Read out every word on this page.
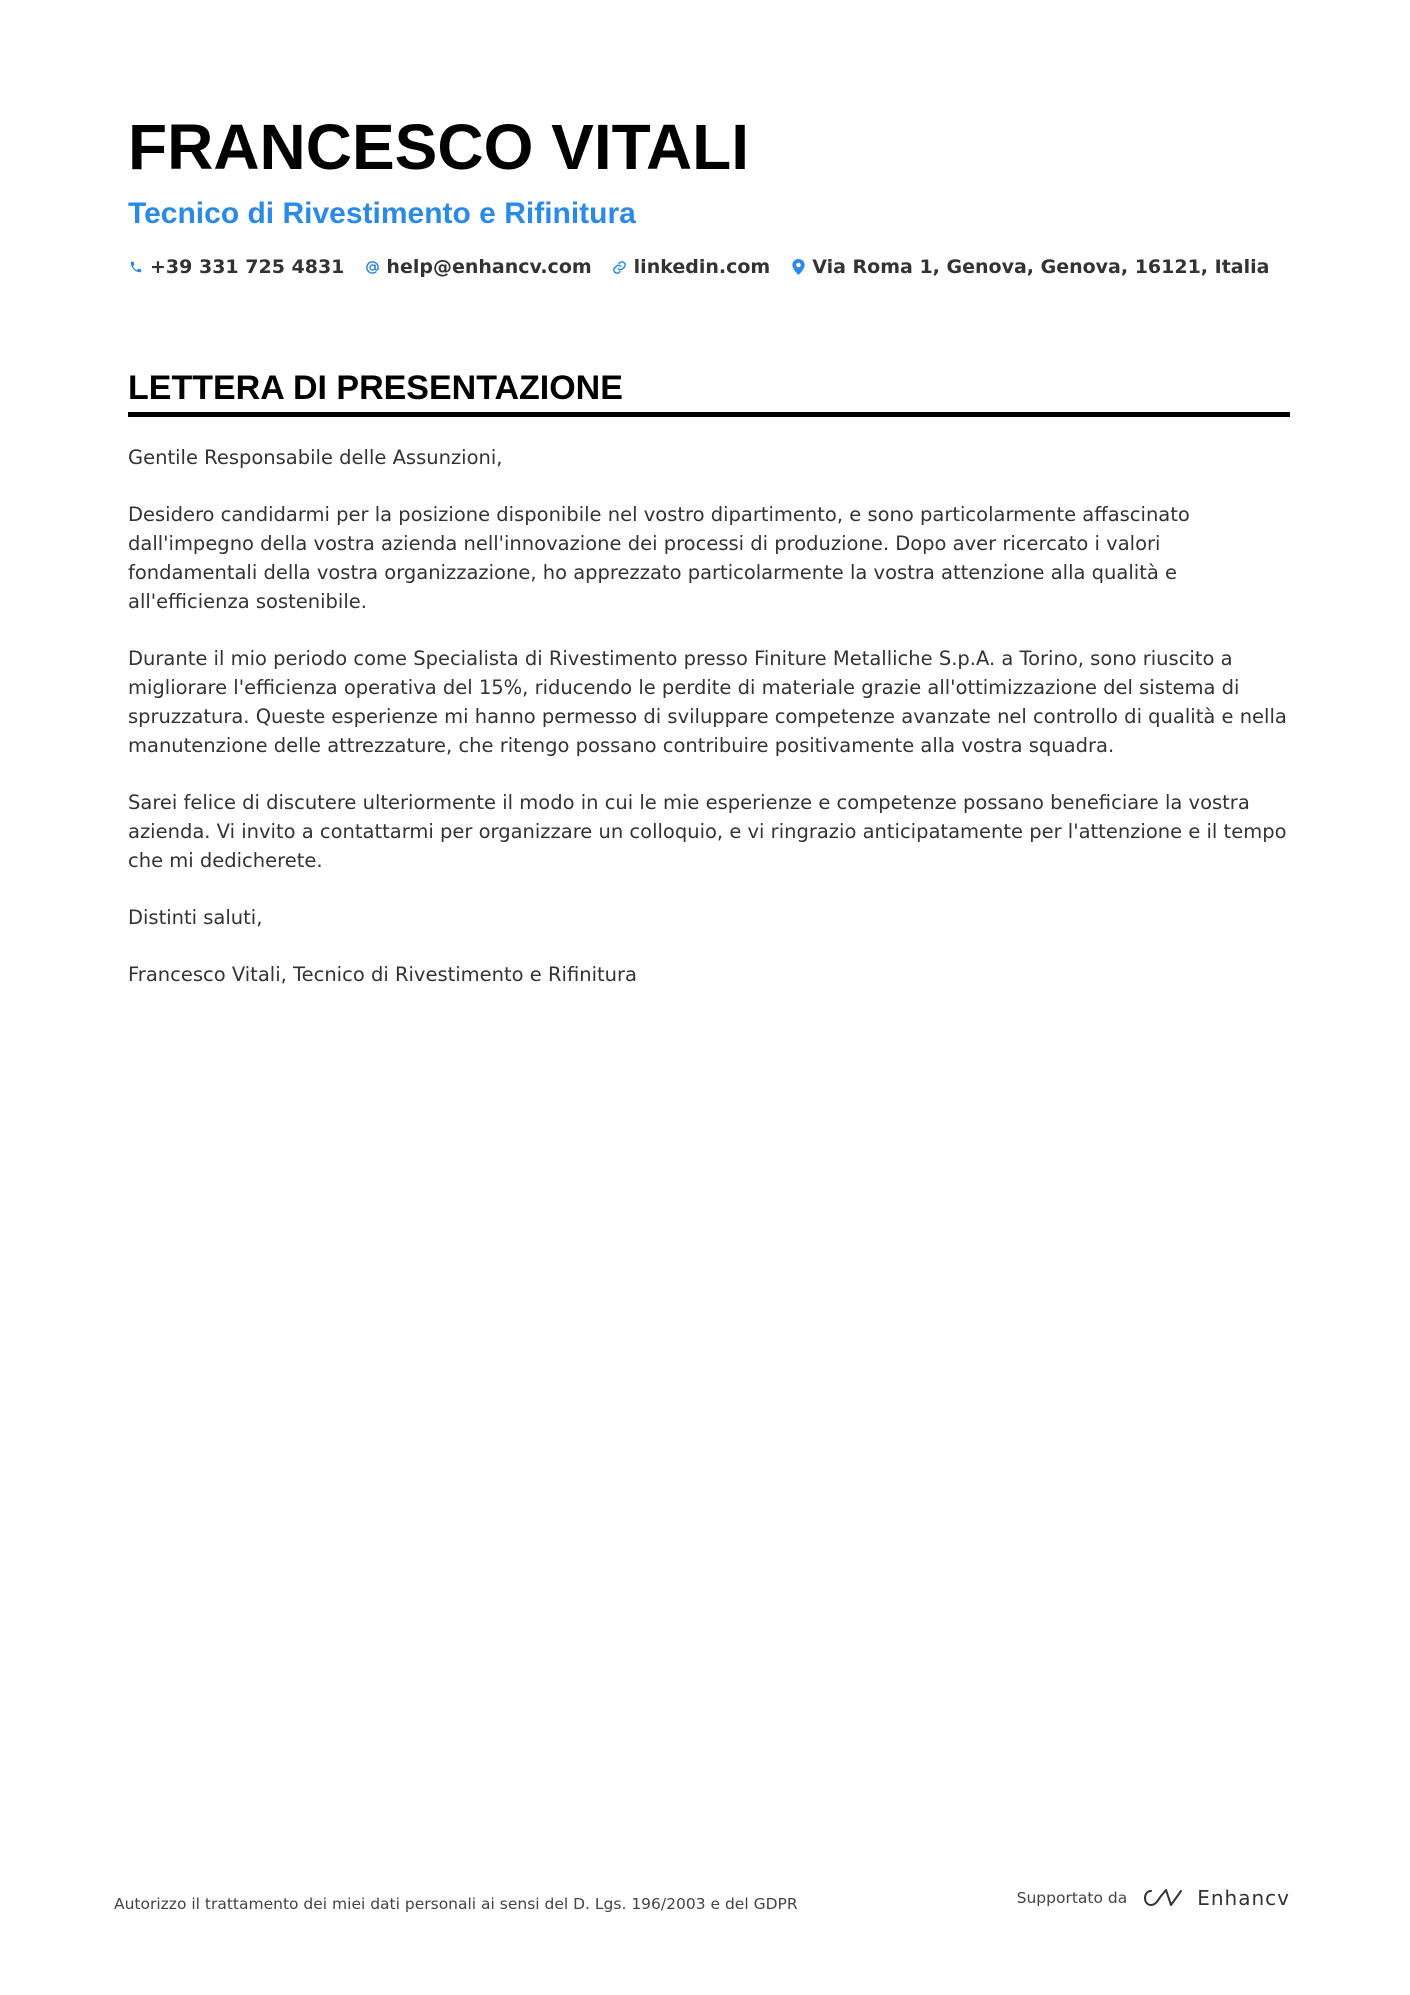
FRANCESCO VITALI
Tecnico di Rivestimento e Rifinitura
+39 331 725 4831 help@enhancv.com linkedin.com Via Roma 1, Genova, Genova, 16121, Italia
LETTERA DI PRESENTAZIONE

Gentile Responsabile delle Assunzioni,

Desidero candidarmi per la posizione disponibile nel vostro dipartimento, e sono particolarmente affascinato dall'impegno della vostra azienda nell'innovazione dei processi di produzione. Dopo aver ricercato i valori fondamentali della vostra organizzazione, ho apprezzato particolarmente la vostra attenzione alla qualità e all'efficienza sostenibile.

Durante il mio periodo come Specialista di Rivestimento presso Finiture Metalliche S.p.A. a Torino, sono riuscito a migliorare l'efficienza operativa del 15%, riducendo le perdite di materiale grazie all'ottimizzazione del sistema di spruzzatura. Queste esperienze mi hanno permesso di sviluppare competenze avanzate nel controllo di qualità e nella manutenzione delle attrezzature, che ritengo possano contribuire positivamente alla vostra squadra.

Sarei felice di discutere ulteriormente il modo in cui le mie esperienze e competenze possano beneficiare la vostra azienda. Vi invito a contattarmi per organizzare un colloquio, e vi ringrazio anticipatamente per l'attenzione e il tempo che mi dedicherete.

Distinti saluti,

Francesco Vitali, Tecnico di Rivestimento e Rifinitura

Autorizzo il trattamento dei miei dati personali ai sensi del D. Lgs. 196/2003 e del GDPR	Supportato da	Enhancv
